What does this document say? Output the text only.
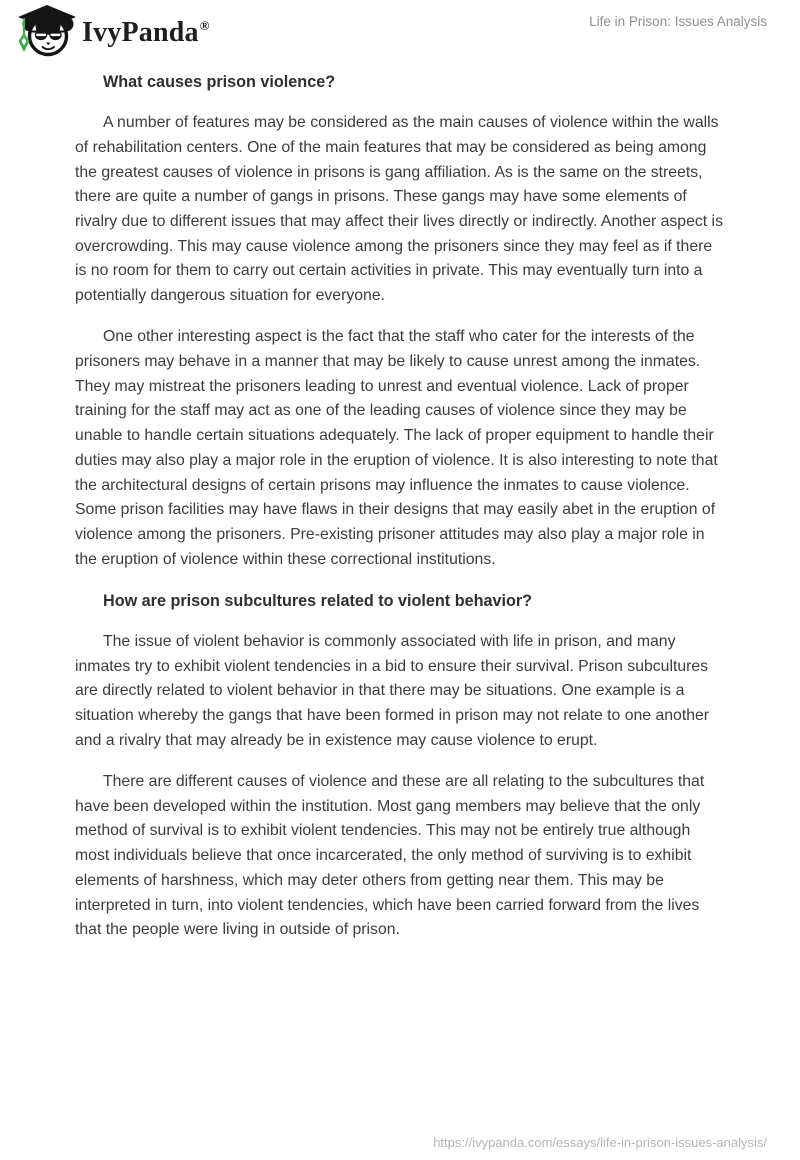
IvyPanda®	Life in Prison: Issues Analysis
What causes prison violence?

A number of features may be considered as the main causes of violence within the walls of rehabilitation centers. One of the main features that may be considered as being among the greatest causes of violence in prisons is gang affiliation. As is the same on the streets, there are quite a number of gangs in prisons. These gangs may have some elements of rivalry due to different issues that may affect their lives directly or indirectly. Another aspect is overcrowding. This may cause violence among the prisoners since they may feel as if there is no room for them to carry out certain activities in private. This may eventually turn into a potentially dangerous situation for everyone.

One other interesting aspect is the fact that the staff who cater for the interests of the prisoners may behave in a manner that may be likely to cause unrest among the inmates. They may mistreat the prisoners leading to unrest and eventual violence. Lack of proper training for the staff may act as one of the leading causes of violence since they may be unable to handle certain situations adequately. The lack of proper equipment to handle their duties may also play a major role in the eruption of violence. It is also interesting to note that the architectural designs of certain prisons may influence the inmates to cause violence. Some prison facilities may have flaws in their designs that may easily abet in the eruption of violence among the prisoners. Pre-existing prisoner attitudes may also play a major role in the eruption of violence within these correctional institutions.

How are prison subcultures related to violent behavior?

The issue of violent behavior is commonly associated with life in prison, and many inmates try to exhibit violent tendencies in a bid to ensure their survival. Prison subcultures are directly related to violent behavior in that there may be situations. One example is a situation whereby the gangs that have been formed in prison may not relate to one another and a rivalry that may already be in existence may cause violence to erupt.

There are different causes of violence and these are all relating to the subcultures that have been developed within the institution. Most gang members may believe that the only method of survival is to exhibit violent tendencies. This may not be entirely true although most individuals believe that once incarcerated, the only method of surviving is to exhibit elements of harshness, which may deter others from getting near them. This may be interpreted in turn, into violent tendencies, which have been carried forward from the lives that the people were living in outside of prison.

https://ivypanda.com/essays/life-in-prison-issues-analysis/
